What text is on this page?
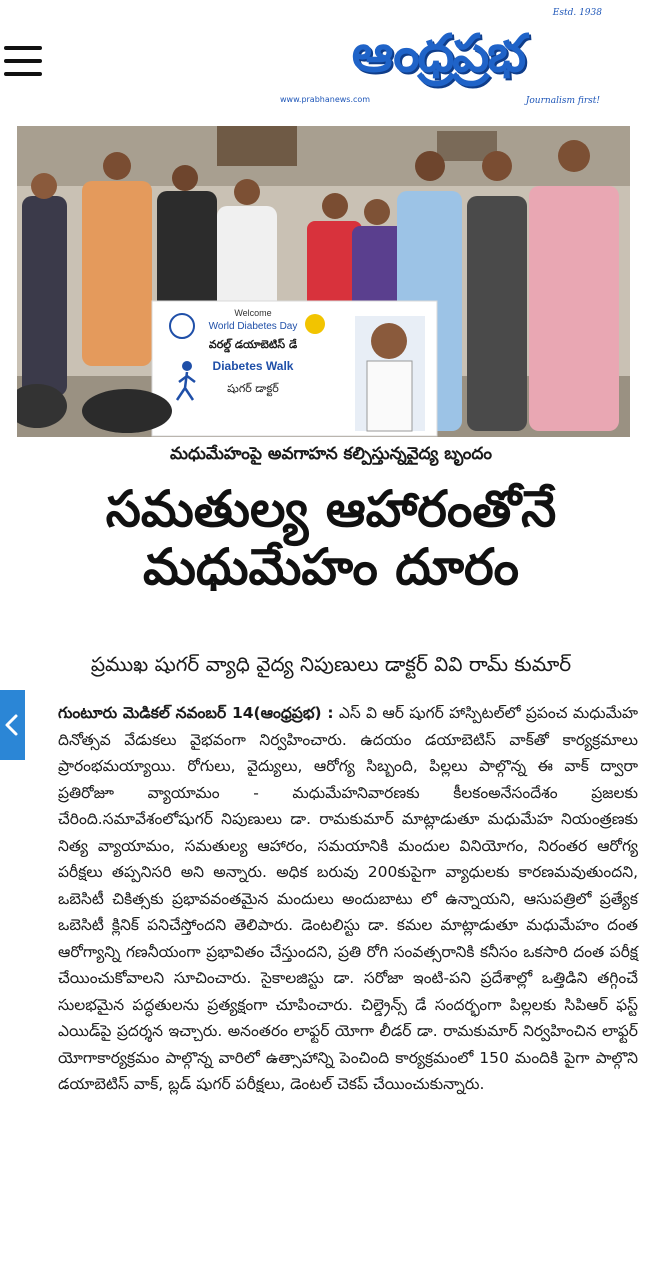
Estd. 1938
ఆంధ్రప్రభ
www.prabhanews.com	Journalism first!
Welcome
World Diabetes Day
వరల్డ్ డయాబెటిస్ డే
Diabetes Walk
షుగర్ డాక్టర్
మధుమేహంపై అవగాహన కల్పిస్తున్నవైద్య బృందం
సమతుల్య ఆహారంతోనే
మధుమేహం దూరం
ప్రముఖ షుగర్ వ్యాధి వైద్య నిపుణులు డాక్టర్ వివి రామ్ కుమార్

గుంటూరు మెడికల్ నవంబర్ 14(ఆంధ్రప్రభ) : ఎస్ వి ఆర్ షుగర్ హాస్పిటల్‌లో ప్రపంచ మధుమేహ దినోత్సవ వేడుకలు వైభవంగా నిర్వహించారు. ఉదయం డయాబెటిస్ వాక్‌తో కార్యక్రమాలు ప్రారంభమయ్యాయి. రోగులు, వైద్యులు, ఆరోగ్య సిబ్బంది, పిల్లలు పాల్గొన్న ఈ వాక్ ద్వారా ప్రతిరోజూ వ్యాయామం - మధుమేహనివారణకు కీలకంఅనేసందేశం ప్రజలకు చేరింది.సమావేశంలోషుగర్ నిపుణులు డా. రామకుమార్ మాట్లాడుతూ మధుమేహ నియంత్రణకు నిత్య వ్యాయామం, సమతుల్య ఆహారం, సమయానికి మందుల వినియోగం, నిరంతర ఆరోగ్య పరీక్షలు తప్పనిసరి అని అన్నారు. అధిక బరువు 200కుపైగా వ్యాధులకు కారణమవుతుందని, ఒబెసిటీ చికిత్సకు ప్రభావవంతమైన మందులు అందుబాటు లో ఉన్నాయని, ఆసుపత్రిలో ప్రత్యేక ఒబెసిటీ క్లినిక్ పనిచేస్తోందని తెలిపారు. డెంటలిస్టు డా. కమల మాట్లాడుతూ మధుమేహం దంత ఆరోగ్యాన్ని గణనీయంగా ప్రభావితం చేస్తుందని, ప్రతి రోగి సంవత్సరానికి కనీసం ఒకసారి దంత పరీక్ష చేయించుకోవాలని సూచించారు. సైకాలజిస్టు డా. సరోజా ఇంటి-పని ప్రదేశాల్లో ఒత్తిడిని తగ్గించే సులభమైన పద్ధతులను ప్రత్యక్షంగా చూపించారు. చిల్డ్రెన్స్ డే సందర్భంగా పిల్లలకు సిపిఆర్ ఫస్ట్ ఎయిడ్‌పై ప్రదర్శన ఇచ్చారు. అనంతరం లాఫ్టర్ యోగా లీడర్ డా. రామకుమార్ నిర్వహించిన లాఫ్టర్ యోగాకార్యక్రమం పాల్గొన్న వారిలో ఉత్సాహాన్ని పెంచింది కార్యక్రమంలో 150 మందికి పైగా పాల్గొని డయాబెటిస్ వాక్, బ్లడ్ షుగర్ పరీక్షలు, డెంటల్ చెకప్ చేయించుకున్నారు.
